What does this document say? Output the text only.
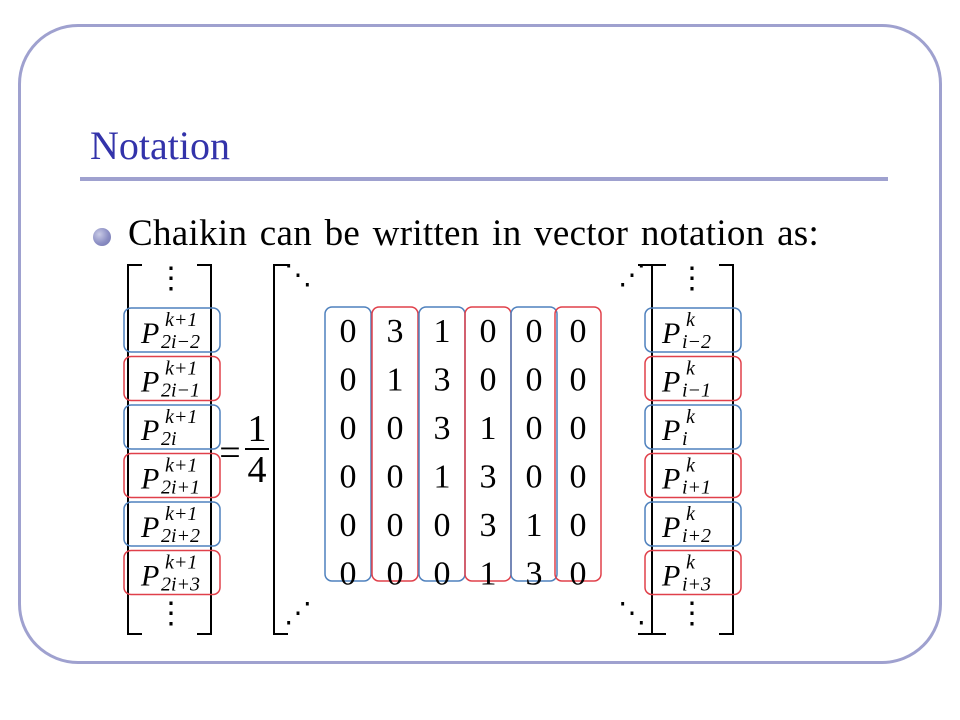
Notation
Chaikin can be written in vector notation as:
⋮
⋮
P k+1
2i−2
P k+1
2i−1
P k+1
2i
P k+1
2i+1
P k+1
2i+2
P k+1
2i+3
=
1
4
⋱	⋰
⋰	⋱
0 3 1 0 0 0
0 1 3 0 0 0
0 0 3 1 0 0
0 0 1 3 0 0
0 0 0 3 1 0
0 0 0 1 3 0
⋮
⋮
P k
i−2
P k
i−1
P k
i
P k
i+1
P k
i+2
P k
i+3
